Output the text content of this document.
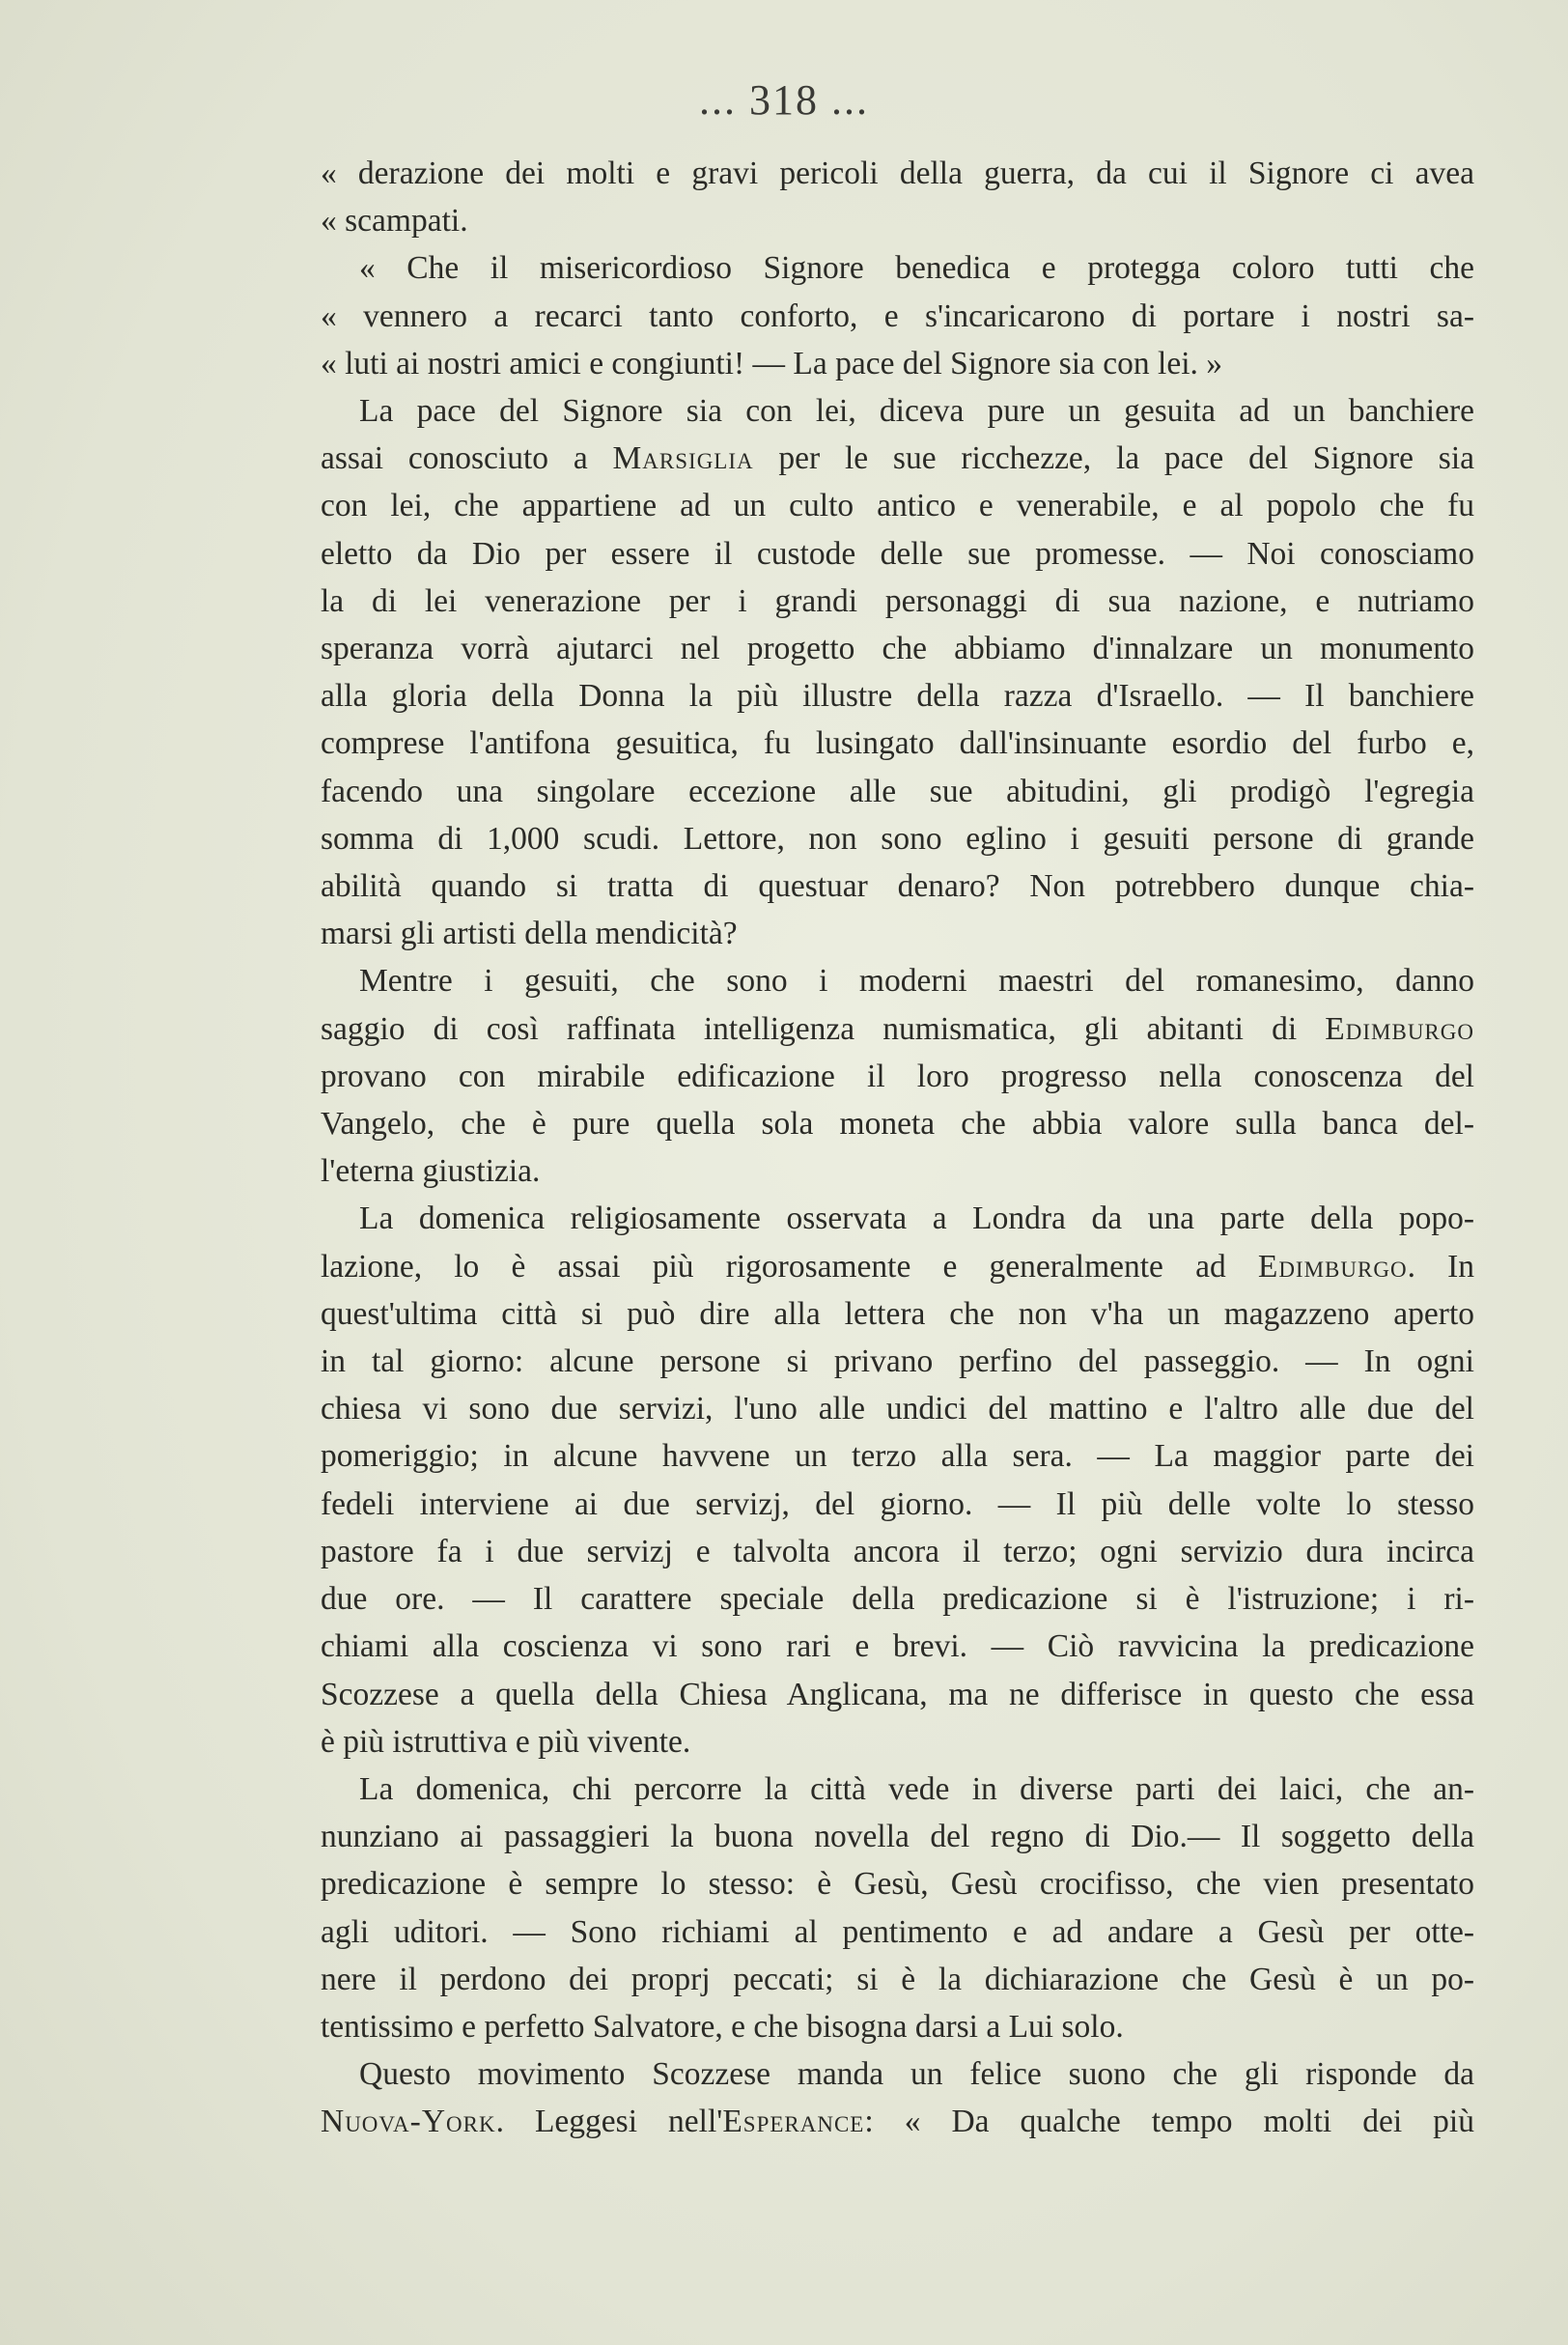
... 318 ...
« derazione dei molti e gravi pericoli della guerra, da cui il Signore ci avea
« scampati.
« Che il misericordioso Signore benedica e protegga coloro tutti che
« vennero a recarci tanto conforto, e s'incaricarono di portare i nostri sa-
« luti ai nostri amici e congiunti! — La pace del Signore sia con lei. »
La pace del Signore sia con lei, diceva pure un gesuita ad un banchiere
assai conosciuto a Marsiglia per le sue ricchezze, la pace del Signore sia
con lei, che appartiene ad un culto antico e venerabile, e al popolo che fu
eletto da Dio per essere il custode delle sue promesse. — Noi conosciamo
la di lei venerazione per i grandi personaggi di sua nazione, e nutriamo
speranza vorrà ajutarci nel progetto che abbiamo d'innalzare un monumento
alla gloria della Donna la più illustre della razza d'Israello. — Il banchiere
comprese l'antifona gesuitica, fu lusingato dall'insinuante esordio del furbo e,
facendo una singolare eccezione alle sue abitudini, gli prodigò l'egregia
somma di 1,000 scudi. Lettore, non sono eglino i gesuiti persone di grande
abilità quando si tratta di questuar denaro? Non potrebbero dunque chia-
marsi gli artisti della mendicità?
Mentre i gesuiti, che sono i moderni maestri del romanesimo, danno
saggio di così raffinata intelligenza numismatica, gli abitanti di Edimburgo
provano con mirabile edificazione il loro progresso nella conoscenza del
Vangelo, che è pure quella sola moneta che abbia valore sulla banca del-
l'eterna giustizia.
La domenica religiosamente osservata a Londra da una parte della popo-
lazione, lo è assai più rigorosamente e generalmente ad Edimburgo. In
quest'ultima città si può dire alla lettera che non v'ha un magazzeno aperto
in tal giorno: alcune persone si privano perfino del passeggio. — In ogni
chiesa vi sono due servizi, l'uno alle undici del mattino e l'altro alle due del
pomeriggio; in alcune havvene un terzo alla sera. — La maggior parte dei
fedeli interviene ai due servizj, del giorno. — Il più delle volte lo stesso
pastore fa i due servizj e talvolta ancora il terzo; ogni servizio dura incirca
due ore. — Il carattere speciale della predicazione si è l'istruzione; i ri-
chiami alla coscienza vi sono rari e brevi. — Ciò ravvicina la predicazione
Scozzese a quella della Chiesa Anglicana, ma ne differisce in questo che essa
è più istruttiva e più vivente.
La domenica, chi percorre la città vede in diverse parti dei laici, che an-
nunziano ai passaggieri la buona novella del regno di Dio.— Il soggetto della
predicazione è sempre lo stesso: è Gesù, Gesù crocifisso, che vien presentato
agli uditori. — Sono richiami al pentimento e ad andare a Gesù per otte-
nere il perdono dei proprj peccati; si è la dichiarazione che Gesù è un po-
tentissimo e perfetto Salvatore, e che bisogna darsi a Lui solo.
Questo movimento Scozzese manda un felice suono che gli risponde da
Nuova-York. Leggesi nell'Esperance: « Da qualche tempo molti dei più
